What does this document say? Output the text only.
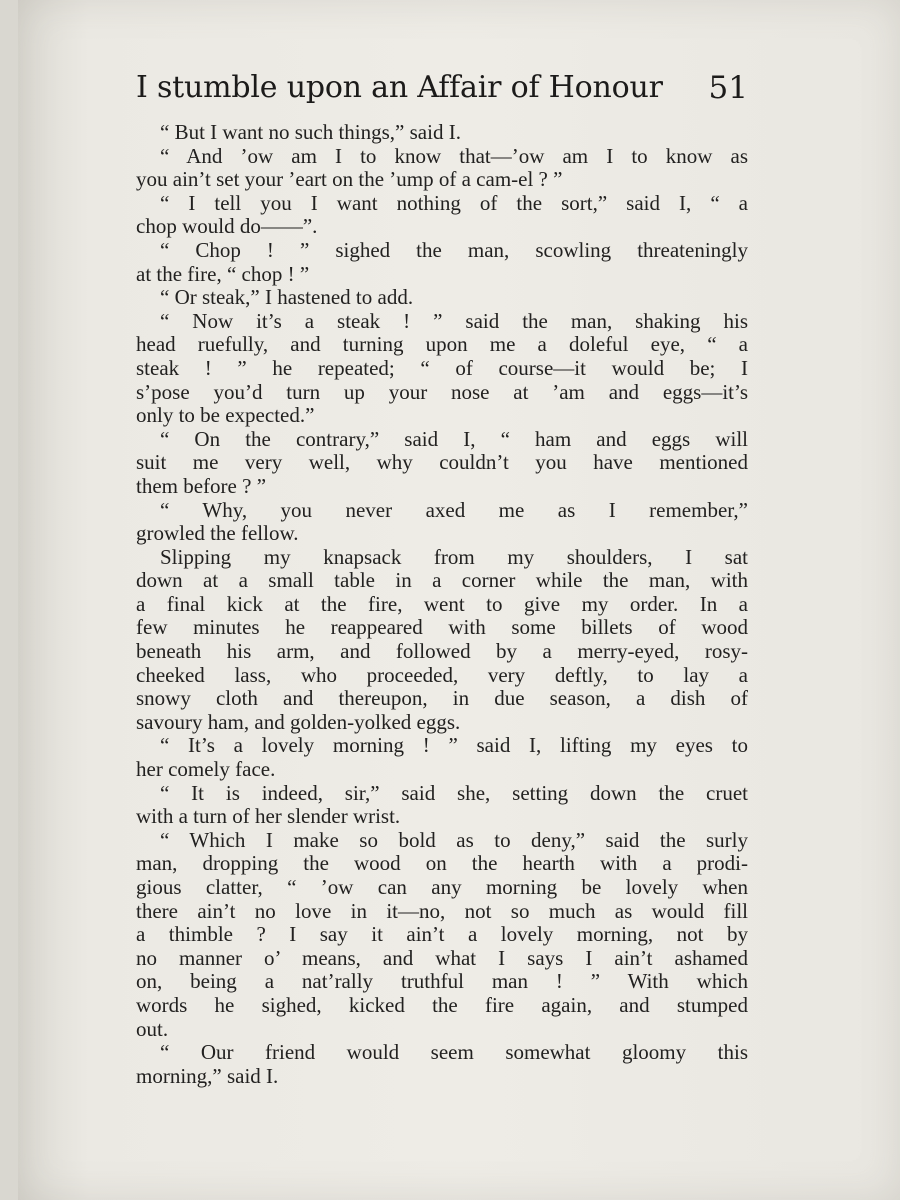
I stumble upon an Affair of Honour 51
“ But I want no such things,” said I.
“ And ’ow am I to know that—’ow am I to know as
you ain’t set your ’eart on the ’ump of a cam-el ? ”
“ I tell you I want nothing of the sort,” said I, “ a
chop would do——”.
“ Chop ! ” sighed the man, scowling threateningly
at the fire, “ chop ! ”
“ Or steak,” I hastened to add.
“ Now it’s a steak ! ” said the man, shaking his
head ruefully, and turning upon me a doleful eye, “ a
steak ! ” he repeated; “ of course—it would be; I
s’pose you’d turn up your nose at ’am and eggs—it’s
only to be expected.”
“ On the contrary,” said I, “ ham and eggs will
suit me very well, why couldn’t you have mentioned
them before ? ”
“ Why, you never axed me as I remember,”
growled the fellow.
Slipping my knapsack from my shoulders, I sat
down at a small table in a corner while the man, with
a final kick at the fire, went to give my order. In a
few minutes he reappeared with some billets of wood
beneath his arm, and followed by a merry-eyed, rosy-
cheeked lass, who proceeded, very deftly, to lay a
snowy cloth and thereupon, in due season, a dish of
savoury ham, and golden-yolked eggs.
“ It’s a lovely morning ! ” said I, lifting my eyes to
her comely face.
“ It is indeed, sir,” said she, setting down the cruet
with a turn of her slender wrist.
“ Which I make so bold as to deny,” said the surly
man, dropping the wood on the hearth with a prodi-
gious clatter, “ ’ow can any morning be lovely when
there ain’t no love in it—no, not so much as would fill
a thimble ? I say it ain’t a lovely morning, not by
no manner o’ means, and what I says I ain’t ashamed
on, being a nat’rally truthful man ! ” With which
words he sighed, kicked the fire again, and stumped
out.
“ Our friend would seem somewhat gloomy this
morning,” said I.
